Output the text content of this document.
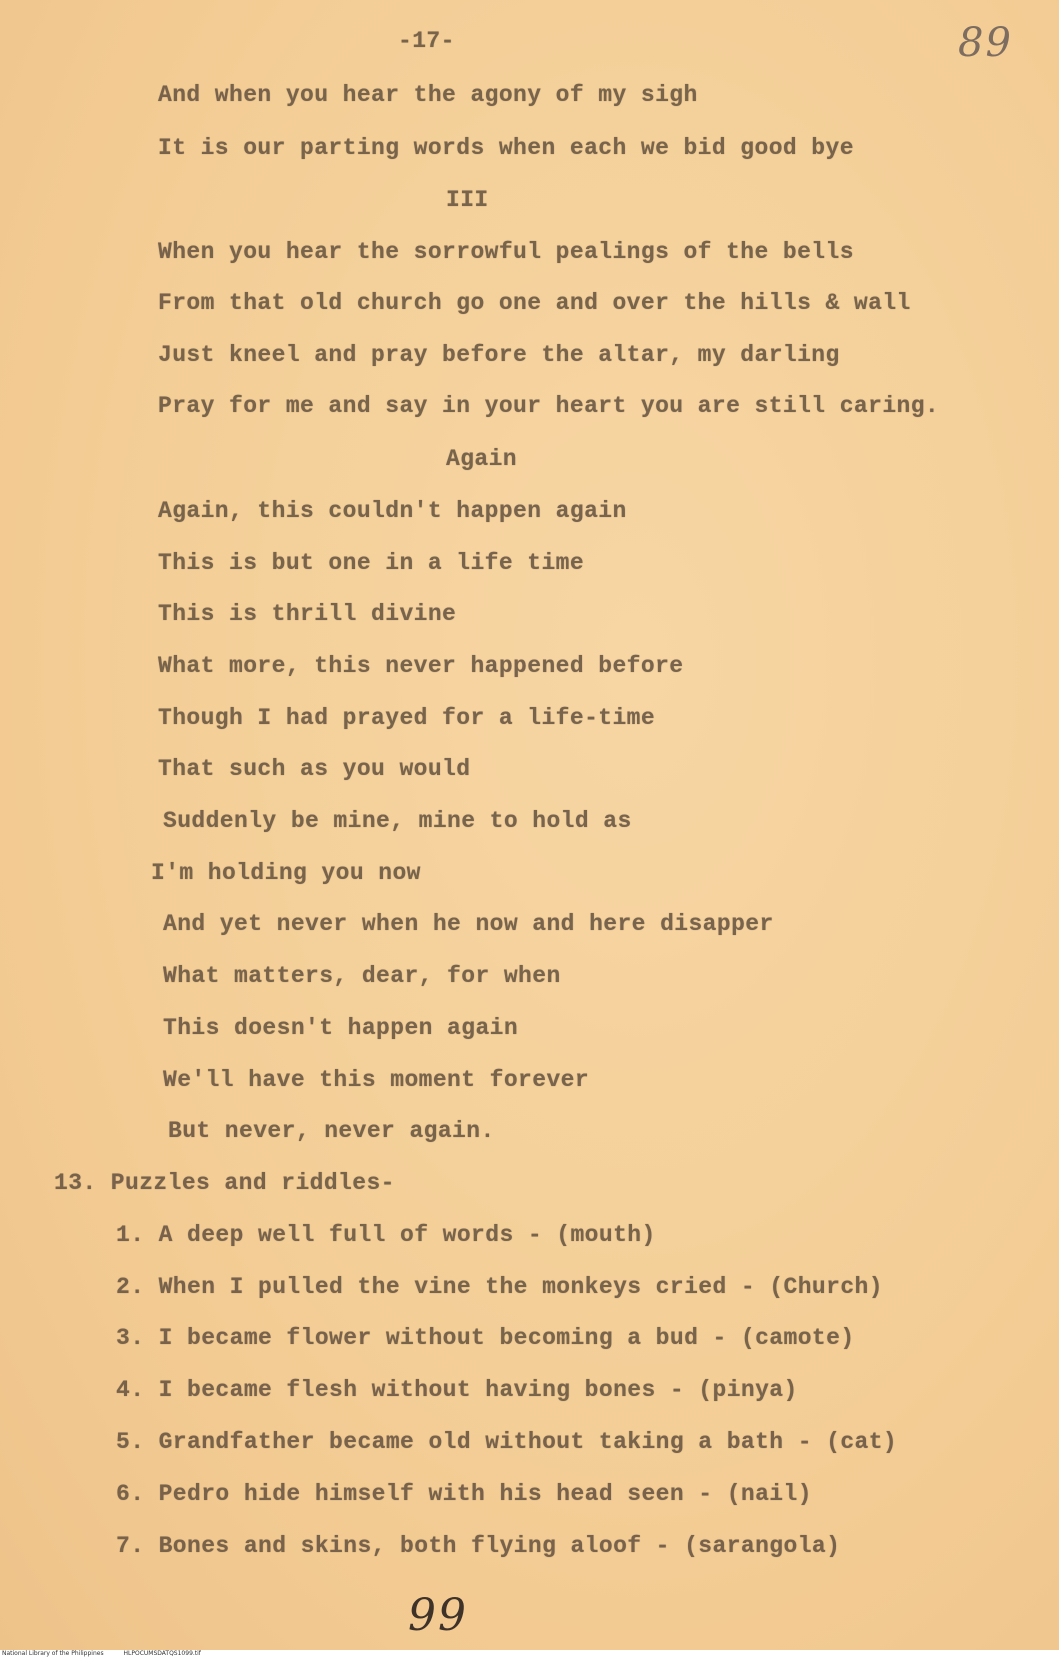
-17-	89
And when you hear the agony of my sigh
It is our parting words when each we bid good bye
III
When you hear the sorrowful pealings of the bells
From that old church go one and over the hills & wall
Just kneel and pray before the altar, my darling
Pray for me and say in your heart you are still caring.
Again
Again, this couldn't happen again
This is but one in a life time
This is thrill divine
What more, this never happened before
Though I had prayed for a life-time
That such as you would
Suddenly be mine, mine to hold as
I'm holding you now
And yet never when he now and here disapper
What matters, dear, for when
This doesn't happen again
We'll have this moment forever
But never, never again.
13. Puzzles and riddles-
1. A deep well full of words - (mouth)
2. When I pulled the vine the monkeys cried - (Church)
3. I became flower without becoming a bud - (camote)
4. I became flesh without having bones - (pinya)
5. Grandfather became old without taking a bath - (cat)
6. Pedro hide himself with his head seen - (nail)
7. Bones and skins, both flying aloof - (sarangola)
99
National Library of the Philippines	HLPOCUMSDATQS1099.tif
